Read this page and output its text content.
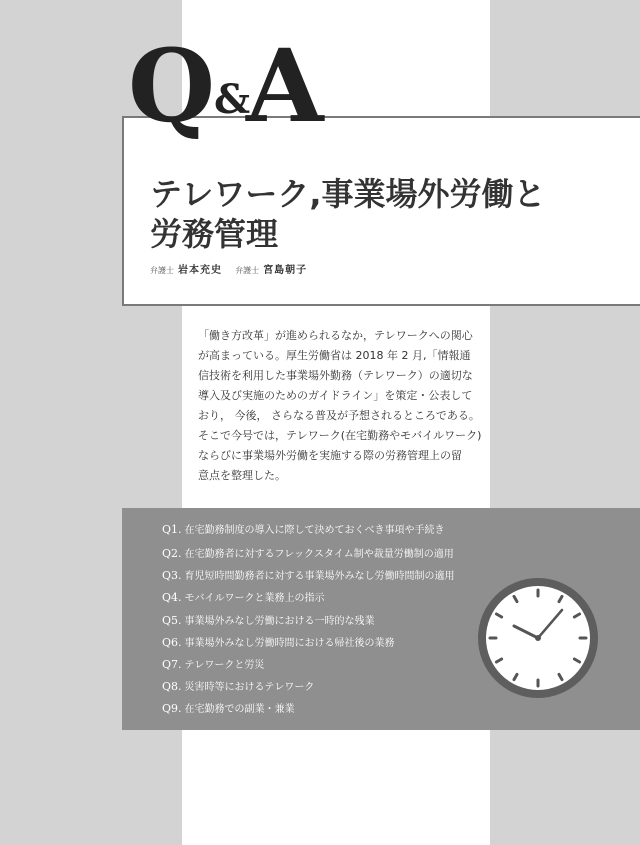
Q
&
A
テレワーク,事業場外労働と
労務管理
弁護士 岩本充史 弁護士 宮島朝子
「働き方改革」が進められるなか，テレワークへの関心
が高まっている。厚生労働省は 2018 年 2 月,「情報通
信技術を利用した事業場外勤務（テレワーク）の適切な
導入及び実施のためのガイドライン」を策定・公表して
おり， 今後， さらなる普及が予想されるところである。
そこで今号では，テレワーク(在宅勤務やモバイルワーク)
ならびに事業場外労働を実施する際の労務管理上の留
意点を整理した。
Q1. 在宅勤務制度の導入に際して決めておくべき事項や手続き
Q2. 在宅勤務者に対するフレックスタイム制や裁量労働制の適用
Q3. 育児短時間勤務者に対する事業場外みなし労働時間制の適用
Q4. モバイルワークと業務上の指示
Q5. 事業場外みなし労働における一時的な残業
Q6. 事業場外みなし労働時間における帰社後の業務
Q7. テレワークと労災
Q8. 災害時等におけるテレワーク
Q9. 在宅勤務での副業・兼業
